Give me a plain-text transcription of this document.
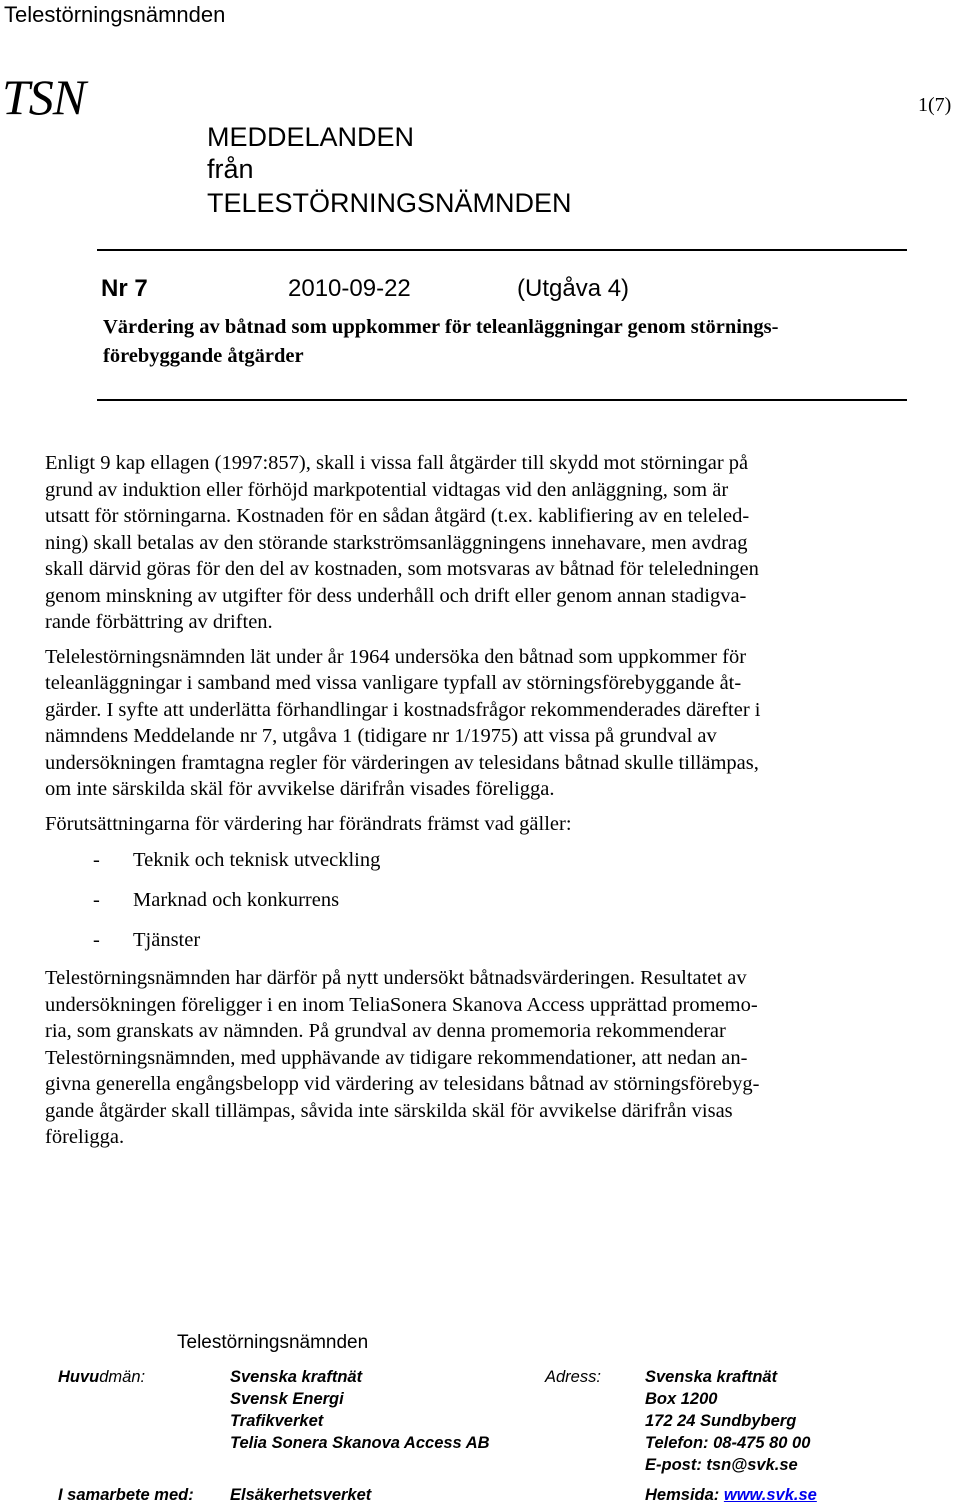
Telestörningsnämnden
TSN	1(7)
MEDDELANDEN
från
TELESTÖRNINGSNÄMNDEN
Nr 7	2010-09-22	(Utgåva 4)
Värdering av båtnad som uppkommer för teleanläggningar genom störnings-
förebyggande åtgärder
Enligt 9 kap ellagen (1997:857), skall i vissa fall åtgärder till skydd mot störningar på
grund av induktion eller förhöjd markpotential vidtagas vid den anläggning, som är
utsatt för störningarna. Kostnaden för en sådan åtgärd (t.ex. kablifiering av en teleled-
ning) skall betalas av den störande starkströmsanläggningens innehavare, men avdrag
skall därvid göras för den del av kostnaden, som motsvaras av båtnad för teleledningen
genom minskning av utgifter för dess underhåll och drift eller genom annan stadigva-
rande förbättring av driften.
Telelestörningsnämnden lät under år 1964 undersöka den båtnad som uppkommer för
teleanläggningar i samband med vissa vanligare typfall av störningsförebyggande åt-
gärder. I syfte att underlätta förhandlingar i kostnadsfrågor rekommenderades därefter i
nämndens Meddelande nr 7, utgåva 1 (tidigare nr 1/1975) att vissa på grundval av
undersökningen framtagna regler för värderingen av telesidans båtnad skulle tillämpas,
om inte särskilda skäl för avvikelse därifrån visades föreligga.
Förutsättningarna för värdering har förändrats främst vad gäller:
- Teknik och teknisk utveckling
- Marknad och konkurrens
- Tjänster
Telestörningsnämnden har därför på nytt undersökt båtnadsvärderingen. Resultatet av
undersökningen föreligger i en inom TeliaSonera Skanova Access upprättad promemo-
ria, som granskats av nämnden. På grundval av denna promemoria rekommenderar
Telestörningsnämnden, med upphävande av tidigare rekommendationer, att nedan an-
givna generella engångsbelopp vid värdering av telesidans båtnad av störningsförebyg-
gande åtgärder skall tillämpas, såvida inte särskilda skäl för avvikelse därifrån visas
föreligga.
Telestörningsnämnden
Huvudmän:	Svenska kraftnät
Svensk Energi
Trafikverket
Telia Sonera Skanova Access AB
Adress:	Svenska kraftnät
Box 1200
172 24 Sundbyberg
Telefon: 08-475 80 00
E-post: tsn@svk.se
I samarbete med: Elsäkerhetsverket	Hemsida: www.svk.se
